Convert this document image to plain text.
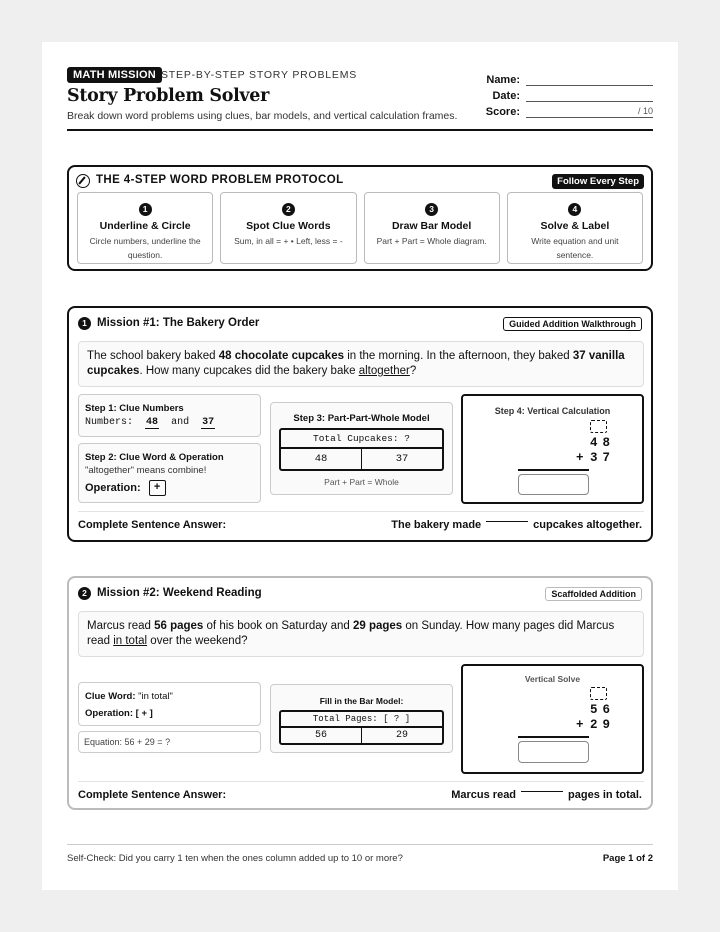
MATH MISSION STEP-BY-STEP STORY PROBLEMS
Story Problem Solver
Break down word problems using clues, bar models, and vertical calculation frames.
Name:
Date:
Score:	/ 10
THE 4-STEP WORD PROBLEM PROTOCOL	Follow Every Step
1
Underline & Circle
Circle numbers, underline the question.
2
Spot Clue Words
Sum, in all = + • Left, less = -
3
Draw Bar Model
Part + Part = Whole diagram.
4
Solve & Label
Write equation and unit sentence.
1 Mission #1: The Bakery Order	Guided Addition Walkthrough
The school bakery baked 48 chocolate cupcakes in the morning. In the afternoon, they baked 37 vanilla cupcakes. How many cupcakes did the bakery bake altogether?
Step 1: Clue Numbers
Numbers: 48 and 37
Step 2: Clue Word & Operation
"altogether" means combine!
Operation:	+
Step 3: Part-Part-Whole Model
Total Cupcakes: ?
48	37
Part + Part = Whole
Step 4: Vertical Calculation
48
+ 37
Complete Sentence Answer:	The bakery made	cupcakes altogether.
2 Mission #2: Weekend Reading	Scaffolded Addition
Marcus read 56 pages of his book on Saturday and 29 pages on Sunday. How many pages did Marcus read in total over the weekend?
Clue Word: "in total"
Operation: [ + ]
Equation: 56 + 29 = ?
Fill in the Bar Model:
Total Pages: [ ? ]
56	29
Vertical Solve
56
+ 29
Complete Sentence Answer:	Marcus read	pages in total.
Self-Check: Did you carry 1 ten when the ones column added up to 10 or more?	Page 1 of 2
